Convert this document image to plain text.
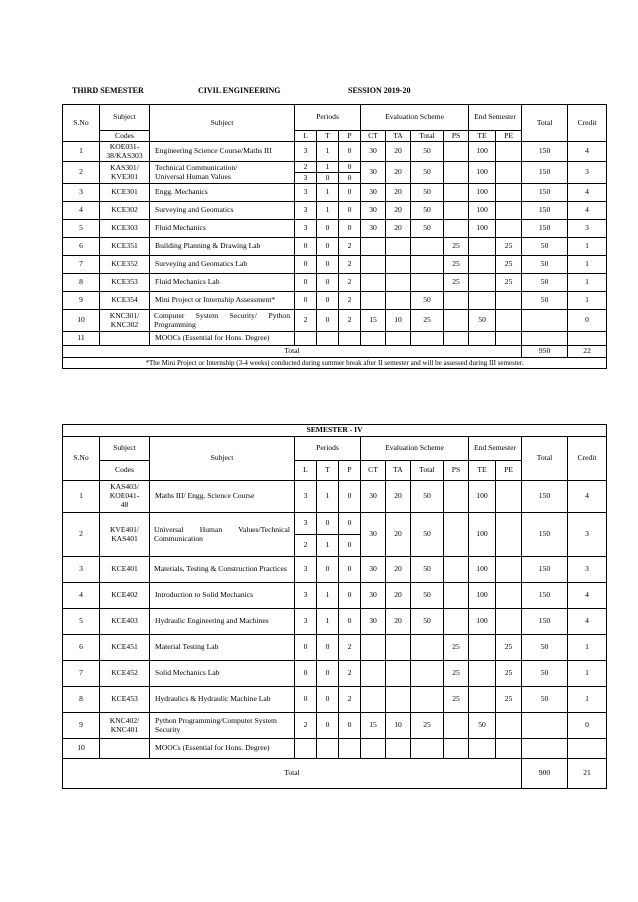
THIRD SEMESTER	CIVIL ENGINEERING	SESSION 2019-20
S.No	Subject	Subject	Periods			Evaluation Scheme				End Semester		Total	Credit
	Codes		L	T	P	CT	TA	Total	PS	TE	PE		
1	KOE031-
38/KAS303	Engineering Science Course/Maths III	3	1	0	30	20	50		100		150	4
2	KAS301/
KVE301	Technical Communication/
Universal Human Values	2	1	0	30	20	50		100		150	3
			3	0	0								
3	KCE301	Engg. Mechanics	3	1	0	30	20	50		100		150	4
4	KCE302	Surveying and Geomatics	3	1	0	30	20	50		100		150	4
5	KCE303	Fluid Mechanics	3	0	0	30	20	50		100		150	3
6	KCE351	Building Planning & Drawing Lab	0	0	2				25		25	50	1
7	KCE352	Surveying and Geomatics Lab	0	0	2				25		25	50	1
8	KCE353	Fluid Mechanics Lab	0	0	2				25		25	50	1
9	KCE354	Mini Project or Internship Assessment*	0	0	2			50				50	1
10	KNC301/
KNC302	Computer System Security/ Python Programming	2	0	2	15	10	25		50			0
11		MOOCs (Essential for Hons. Degree)											
Total												950	22
*The Mini Project or Internship (3-4 weeks) conducted during summer break after II semester and will be assessed during III semester.													
SEMESTER - IV													
S.No	Subject	Subject	Periods			Evaluation Scheme				End Semester		Total	Credit
	Codes		L	T	P	CT	TA	Total	PS	TE	PE		
1	KAS403/
KOE041-
48	Maths III/ Engg. Science Course	3	1	0	30	20	50		100		150	4
2	KVE401/
KAS401	Universal Human Values/Technical Communication	3	0	0	30	20	50		100		150	3
			2	1	0								
3	KCE401	Materials, Testing & Construction Practices	3	0	0	30	20	50		100		150	3
4	KCE402	Introduction to Solid Mechanics	3	1	0	30	20	50		100		150	4
5	KCE403	Hydraulic Engineering and Machines	3	1	0	30	20	50		100		150	4
6	KCE451	Material Testing Lab	0	0	2				25		25	50	1
7	KCE452	Solid Mechanics Lab	0	0	2				25		25	50	1
8	KCE453	Hydraulics & Hydraulic Machine Lab	0	0	2				25		25	50	1
9	KNC402/
KNC401	Python Programming/Computer System Security	2	0	0	15	10	25		50			0
10		MOOCs (Essential for Hons. Degree)											
Total												900	21
